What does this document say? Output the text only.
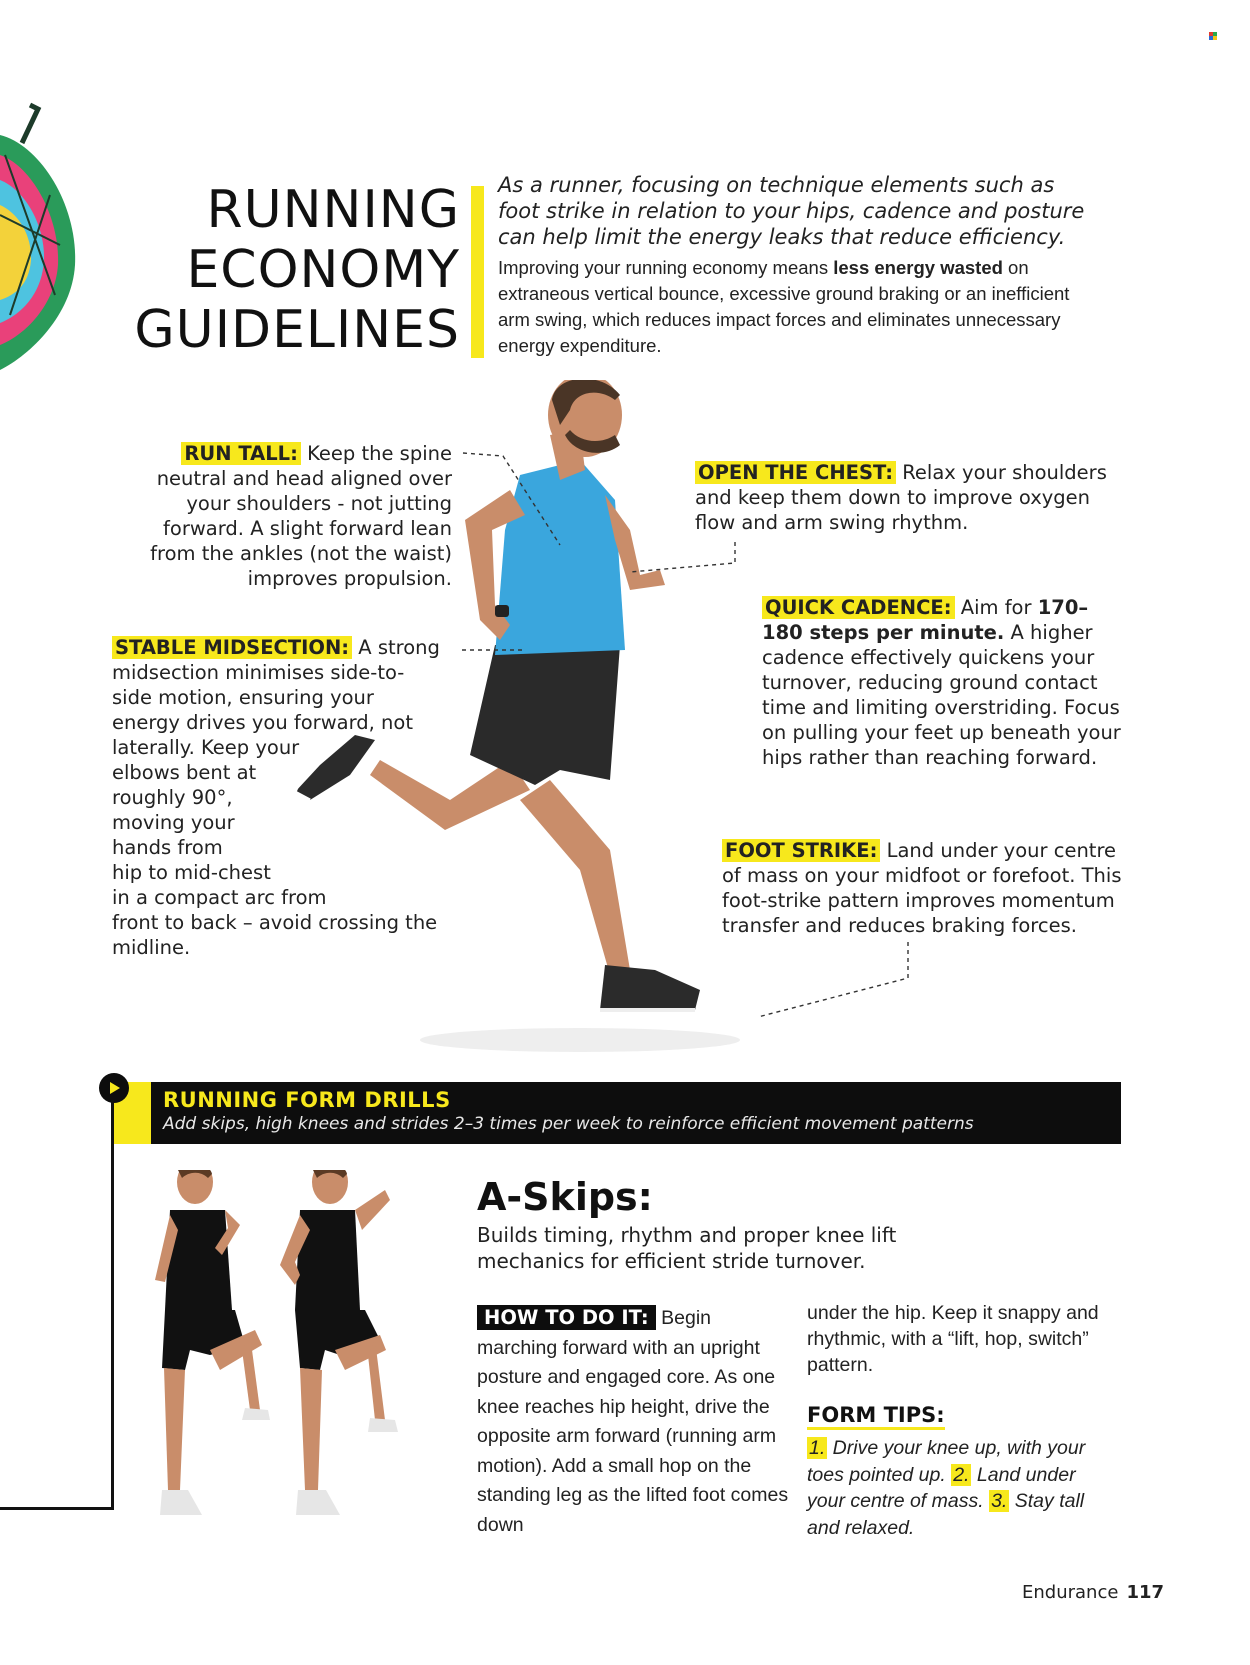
RUNNING
ECONOMY
GUIDELINES
As a runner, focusing on technique elements such as foot strike in relation to your hips, cadence and posture can help limit the energy leaks that reduce efficiency.
Improving your running economy means less energy wasted on extraneous vertical bounce, excessive ground braking or an inefficient arm swing, which reduces impact forces and eliminates unnecessary energy expenditure.
RUN TALL: Keep the spine neutral and head aligned over your shoulders - not jutting forward. A slight forward lean from the ankles (not the waist) improves propulsion.
OPEN THE CHEST: Relax your shoulders and keep them down to improve oxygen flow and arm swing rhythm.
QUICK CADENCE: Aim for 170–180 steps per minute. A higher cadence effectively quickens your turnover, reducing ground contact time and limiting overstriding. Focus on pulling your feet up beneath your hips rather than reaching forward.
STABLE MIDSECTION: A strong
midsection minimises side-to-
side motion, ensuring your
energy drives you forward, not
laterally. Keep your
elbows bent at
roughly 90°,
moving your
hands from
hip to mid-chest
in a compact arc from
front to back – avoid crossing the
midline.
FOOT STRIKE: Land under your centre of mass on your midfoot or forefoot. This foot-strike pattern improves momentum transfer and reduces braking forces.
RUNNING FORM DRILLS
Add skips, high knees and strides 2–3 times per week to reinforce efficient movement patterns
A-Skips:
Builds timing, rhythm and proper knee lift mechanics for efficient stride turnover.
HOW TO DO IT: Begin marching forward with an upright posture and engaged core. As one knee reaches hip height, drive the opposite arm forward (running arm motion). Add a small hop on the standing leg as the lifted foot comes down
under the hip. Keep it snappy and rhythmic, with a “lift, hop, switch” pattern.
FORM TIPS:
1. Drive your knee up, with your toes pointed up. 2. Land under your centre of mass. 3. Stay tall and relaxed.
Endurance 117
